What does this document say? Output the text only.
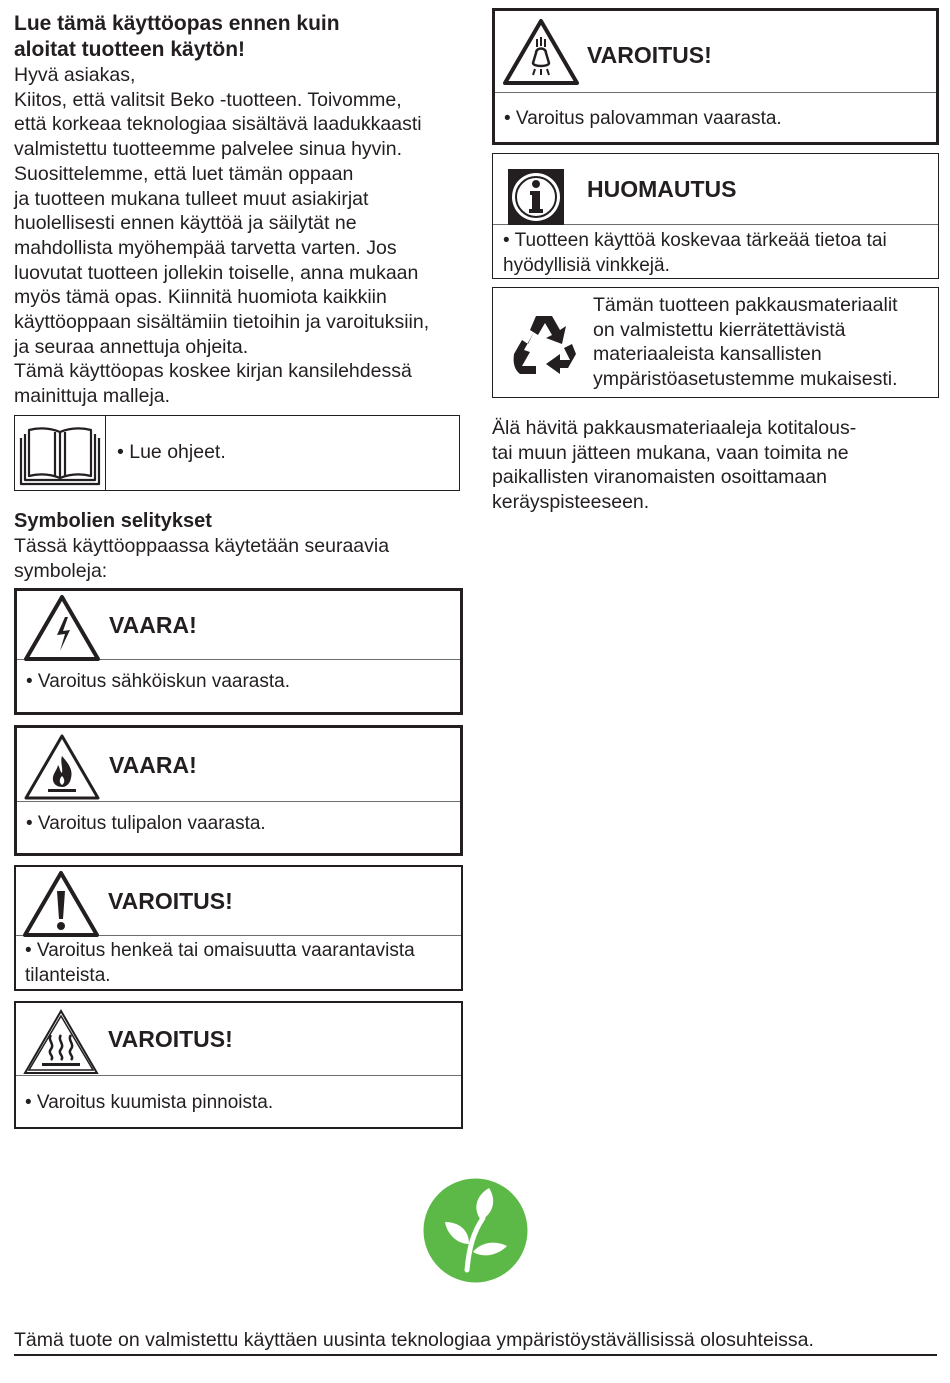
Lue tämä käyttöopas ennen kuin
aloitat tuotteen käytön!

Hyvä asiakas,
Kiitos, että valitsit Beko -tuotteen. Toivomme,
että korkeaa teknologiaa sisältävä laadukkaasti
valmistettu tuotteemme palvelee sinua hyvin.
Suosittelemme, että luet tämän oppaan
ja tuotteen mukana tulleet muut asiakirjat
huolellisesti ennen käyttöä ja säilytät ne
mahdollista myöhempää tarvetta varten. Jos
luovutat tuotteen jollekin toiselle, anna mukaan
myös tämä opas. Kiinnitä huomiota kaikkiin
käyttöoppaan sisältämiin tietoihin ja varoituksiin,
ja seuraa annettuja ohjeita.
Tämä käyttöopas koskee kirjan kansilehdessä
mainittuja malleja.

• Lue ohjeet.

Symbolien selitykset

Tässä käyttöoppaassa käytetään seuraavia
symboleja:

VAARA!
• Varoitus sähköiskun vaarasta.
VAARA!
• Varoitus tulipalon vaarasta.
VAROITUS!
• Varoitus henkeä tai omaisuutta vaarantavista
tilanteista.
VAROITUS!
• Varoitus kuumista pinnoista.
VAROITUS!
• Varoitus palovamman vaarasta.
HUOMAUTUS
• Tuotteen käyttöä koskevaa tärkeää tietoa tai
hyödyllisiä vinkkejä.
Tämän tuotteen pakkausmateriaalit
on valmistettu kierrätettävistä
materiaaleista kansallisten
ympäristöasetustemme mukaisesti.
Älä hävitä pakkausmateriaaleja kotitalous-
tai muun jätteen mukana, vaan toimita ne
paikallisten viranomaisten osoittamaan
keräyspisteeseen.
Tämä tuote on valmistettu käyttäen uusinta teknologiaa ympäristöystävällisissä olosuhteissa.
